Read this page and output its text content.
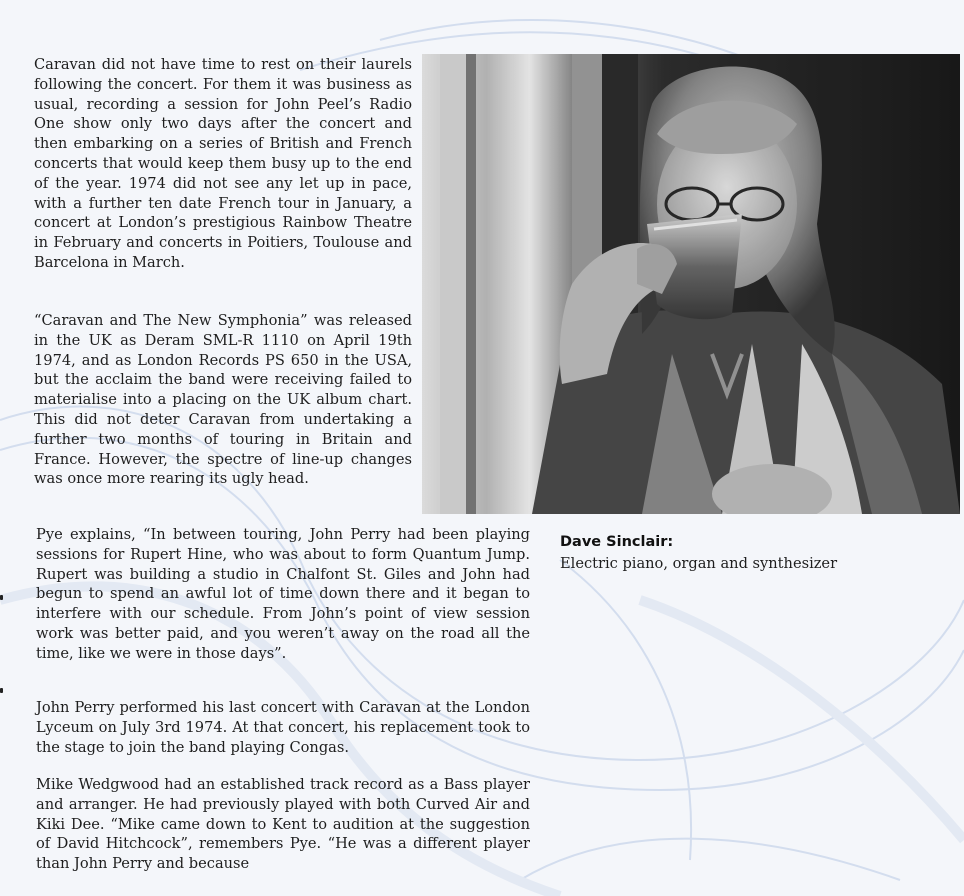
Caravan did not have time to rest on their laurels following the concert. For them it was business as usual, recording a session for John Peel’s Radio One show only two days after the concert and then embarking on a series of British and French concerts that would keep them busy up to the end of the year. 1974 did not see any let up in pace, with a further ten date French tour in January, a concert at London’s prestigious Rainbow Theatre in February and concerts in Poitiers, Toulouse and Barcelona in March.

“Caravan and The New Symphonia” was released in the UK as Deram SML-R 1110 on April 19th 1974, and as London Records PS 650 in the USA, but the acclaim the band were receiving failed to materialise into a placing on the UK album chart. This did not deter Caravan from undertaking a further two months of touring in Britain and France. However, the spectre of line-up changes was once more rearing its ugly head.

Dave Sinclair:
Electric piano, organ and synthesizer

Pye explains, “In between touring, John Perry had been playing sessions for Rupert Hine, who was about to form Quantum Jump. Rupert was building a studio in Chalfont St. Giles and John had begun to spend an awful lot of time down there and it began to interfere with our schedule. From John’s point of view session work was better paid, and you weren’t away on the road all the time, like we were in those days”.

John Perry performed his last concert with Caravan at the London Lyceum on July 3rd 1974. At that concert, his replacement took to the stage to join the band playing Congas.

Mike Wedgwood had an established track record as a Bass player and arranger. He had previously played with both Curved Air and Kiki Dee. “Mike came down to Kent to audition at the suggestion of David Hitchcock”, remembers Pye. “He was a different player than John Perry and because
